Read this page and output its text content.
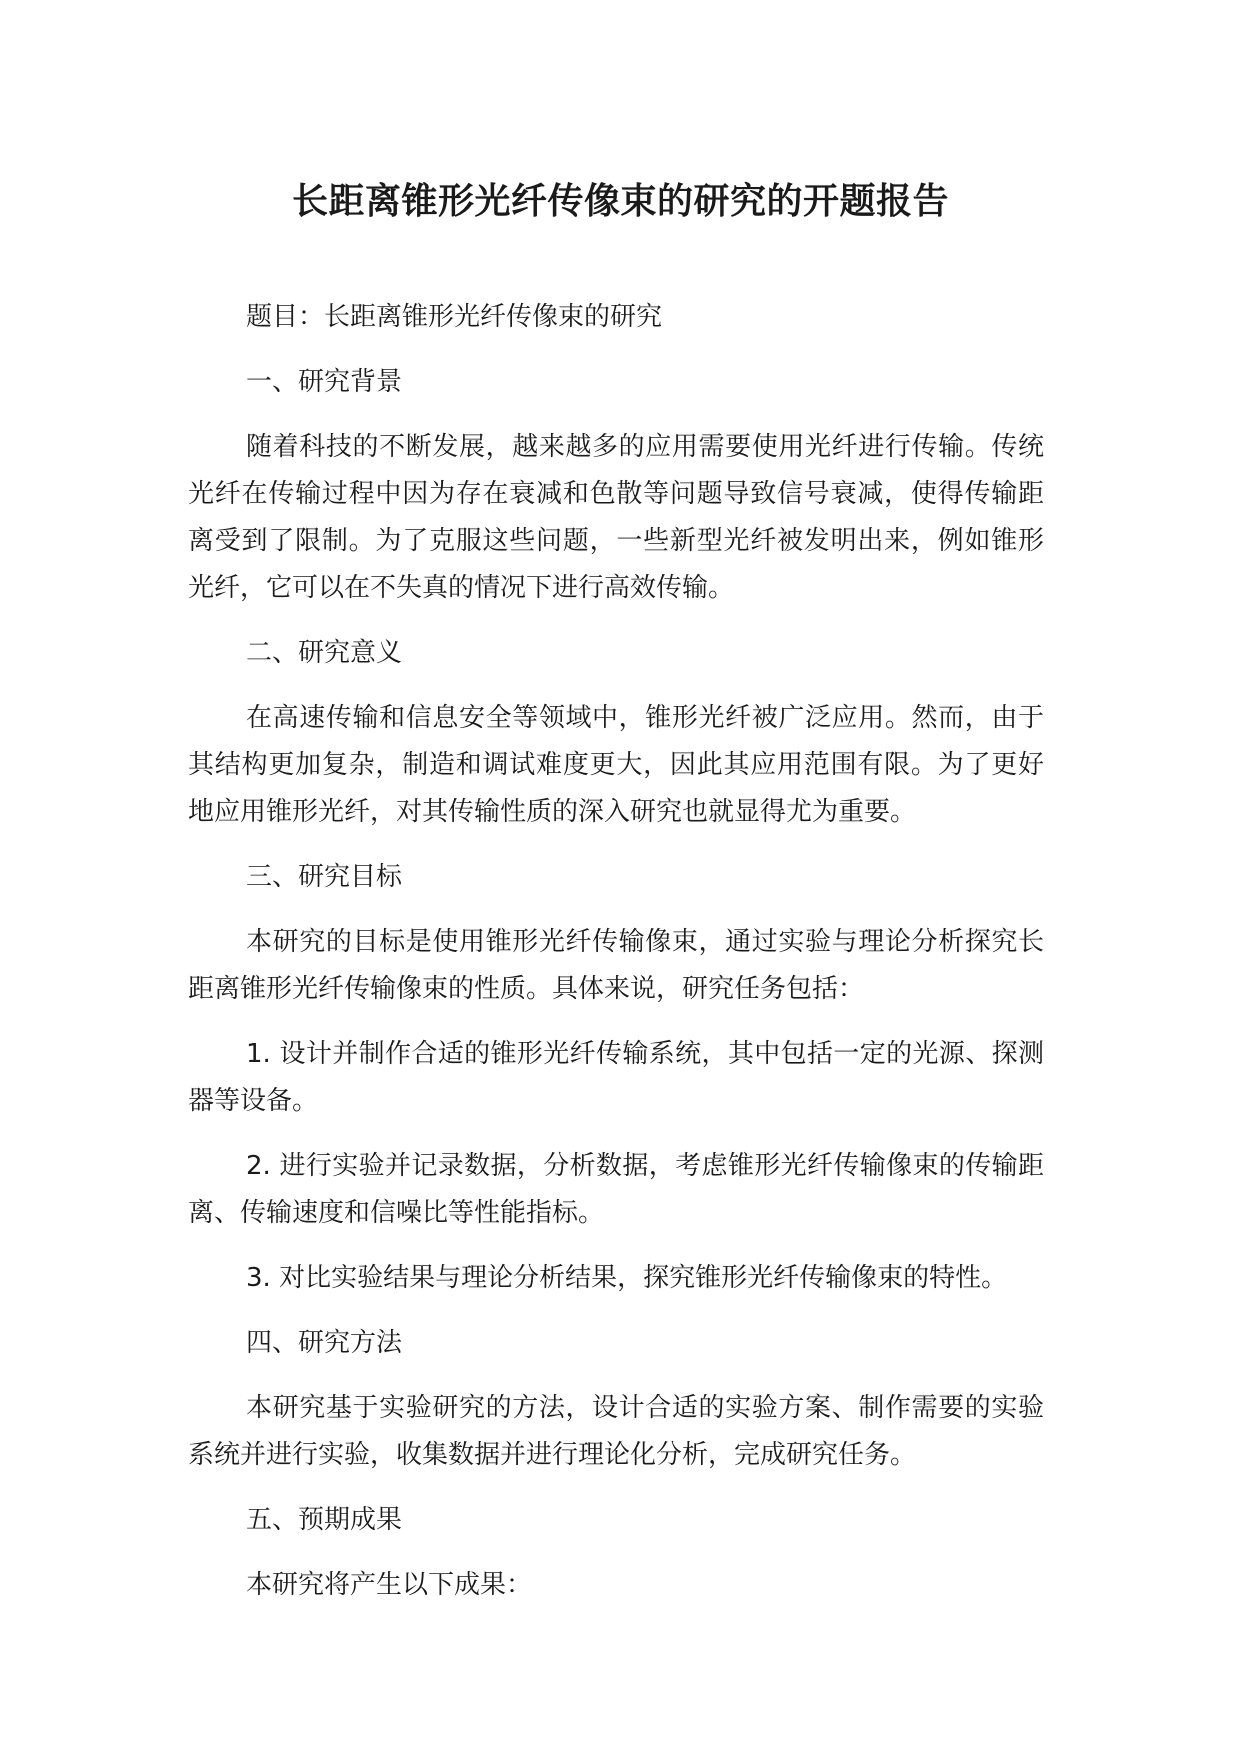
长距离锥形光纤传像束的研究的开题报告

题目：长距离锥形光纤传像束的研究

一、研究背景

随着科技的不断发展，越来越多的应用需要使用光纤进行传输。传统光纤在传输过程中因为存在衰减和色散等问题导致信号衰减，使得传输距离受到了限制。为了克服这些问题，一些新型光纤被发明出来，例如锥形光纤，它可以在不失真的情况下进行高效传输。

二、研究意义

在高速传输和信息安全等领域中，锥形光纤被广泛应用。然而，由于其结构更加复杂，制造和调试难度更大，因此其应用范围有限。为了更好地应用锥形光纤，对其传输性质的深入研究也就显得尤为重要。

三、研究目标

本研究的目标是使用锥形光纤传输像束，通过实验与理论分析探究长距离锥形光纤传输像束的性质。具体来说，研究任务包括：

1. 设计并制作合适的锥形光纤传输系统，其中包括一定的光源、探测器等设备。

2. 进行实验并记录数据，分析数据，考虑锥形光纤传输像束的传输距离、传输速度和信噪比等性能指标。

3. 对比实验结果与理论分析结果，探究锥形光纤传输像束的特性。

四、研究方法

本研究基于实验研究的方法，设计合适的实验方案、制作需要的实验系统并进行实验，收集数据并进行理论化分析，完成研究任务。

五、预期成果

本研究将产生以下成果：
